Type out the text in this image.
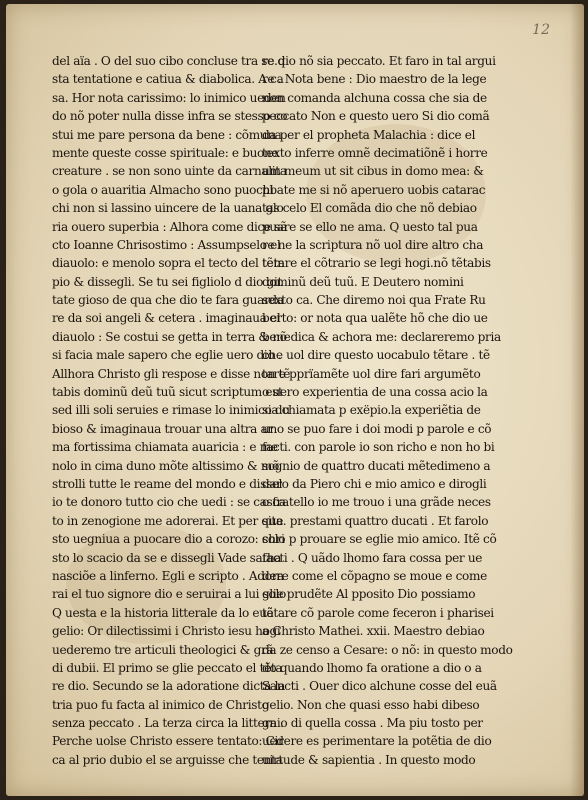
12
del aïa . O del suo cibo concluse tra se.q
sta tentatione e catiua & diabolica. A ca
sa. Hor nota carissimo: lo inimico ueden
do nõ poter nulla disse infra se stesso co
stui me pare persona da bene : cõmuna
mente queste cosse spirituale: e buone
creature . se non sono uinte da carnalita
o gola o auaritia Almacho sono puochi
chi non si lassino uincere de la uana glo
ria ouero superbia : Alhora come dice sã
cto Ioanne Chrisostimo : Assumpselo el
diauolo: e menolo sopra el tecto del tem
pio & dissegli. Se tu sei figliolo d dio git
tate gioso de qua che dio te fara guarda
re da soi angeli & cetera . imaginaua el
diauolo : Se costui se getta in terra & nõ
si facia male sapero che eglie uero dio .
Allhora Christo gli respose e disse non tẽ
tabis dominũ deũ tuũ sicut scriptum est
sed illi soli seruies e rimase lo inimico du
bioso & imaginaua trouar una altra ar
ma fortissima chiamata auaricia : e me
nolo in cima duno mõte altissimo & mõ
strolli tutte le reame del mondo e dissel
io te donoro tutto cio che uedi : se casca
to in zenogione me adorerai. Et per que
sto uegniua a puocare dio a corozo: chri
sto lo scacio da se e dissegli Vade satha
nasciõe a linferno. Egli e scripto . Adora
rai el tuo signore dio e seruirai a lui solo
Q uesta e la historia litterale da lo euã
gelio: Or dilectissimi i Christo iesu hogi
uederemo tre articuli theologici & grã
di dubii. El primo se glie peccato el tẽta
re dio. Secundo se la adoratione dicta la
tria puo fu facta al inimico de Christo
senza peccato . La terza circa la littera .
Perche uolse Christo essere tentato: Cir
ca al prio dubio el se arguisse che tenta
re dio nõ sia peccato. Et faro in tal argui
re . Nota bene : Dio maestro de la lege
non comanda alchuna cossa che sia de
peccato Non e questo uero Si dio comã
da per el propheta Malachia : dice el
texto inferre omnẽ decimatiõnẽ i horre
um meum ut sit cibus in domo mea: &
pbate me si nõ aperuero uobis catarac
tas celo El comãda dio che nõ debiao
puare se ello ne ama. Q uesto tal pua
re ne la scriptura nõ uol dire altro cha
tẽtare el cõtrario se legi hogi.nõ tẽtabis
dominũ deũ tuũ. E Deutero nomini
sexto ca. Che diremo noi qua Frate Ru
berto: or nota qua ualẽte hõ che dio ue
benedica & achora me: declareremo pria
che uol dire questo uocabulo tẽtare . tẽ
tare pprïamẽte uol dire fari argumẽto
o uero experientia de una cossa acio la
sia chiamata p exëpio.la experiẽtia de
uno se puo fare i doi modi p parole e cõ
facti. con parole io son richo e non ho bi
sognio de quattro ducati mẽtedimeno a
daro da Piero chi e mio amico e dirogli
o fratello io me trouo i una grãde neces
sita. prestami quattro ducati . Et farolo
solo p prouare se eglie mio amico. Itẽ cõ
facti . Q uãdo lhomo fara cossa per ue
dere come el cõpagno se moue e come
glie prudẽte Al pposito Dio possiamo
tẽtare cõ parole come feceron i pharisei
a Christo Mathei. xxii. Maestro debiao
da ze censo a Cesare: o nõ: in questo modo
do quando lhomo fa oratione a dio o a
Sancti . Ouer dico alchune cosse del euã
gelio. Non che quasi esso habi dibeso
gnio di quella cossa . Ma piu tosto per
uedere es perimentare la potẽtia de dio
uirtude & sapientia . In questo modo
